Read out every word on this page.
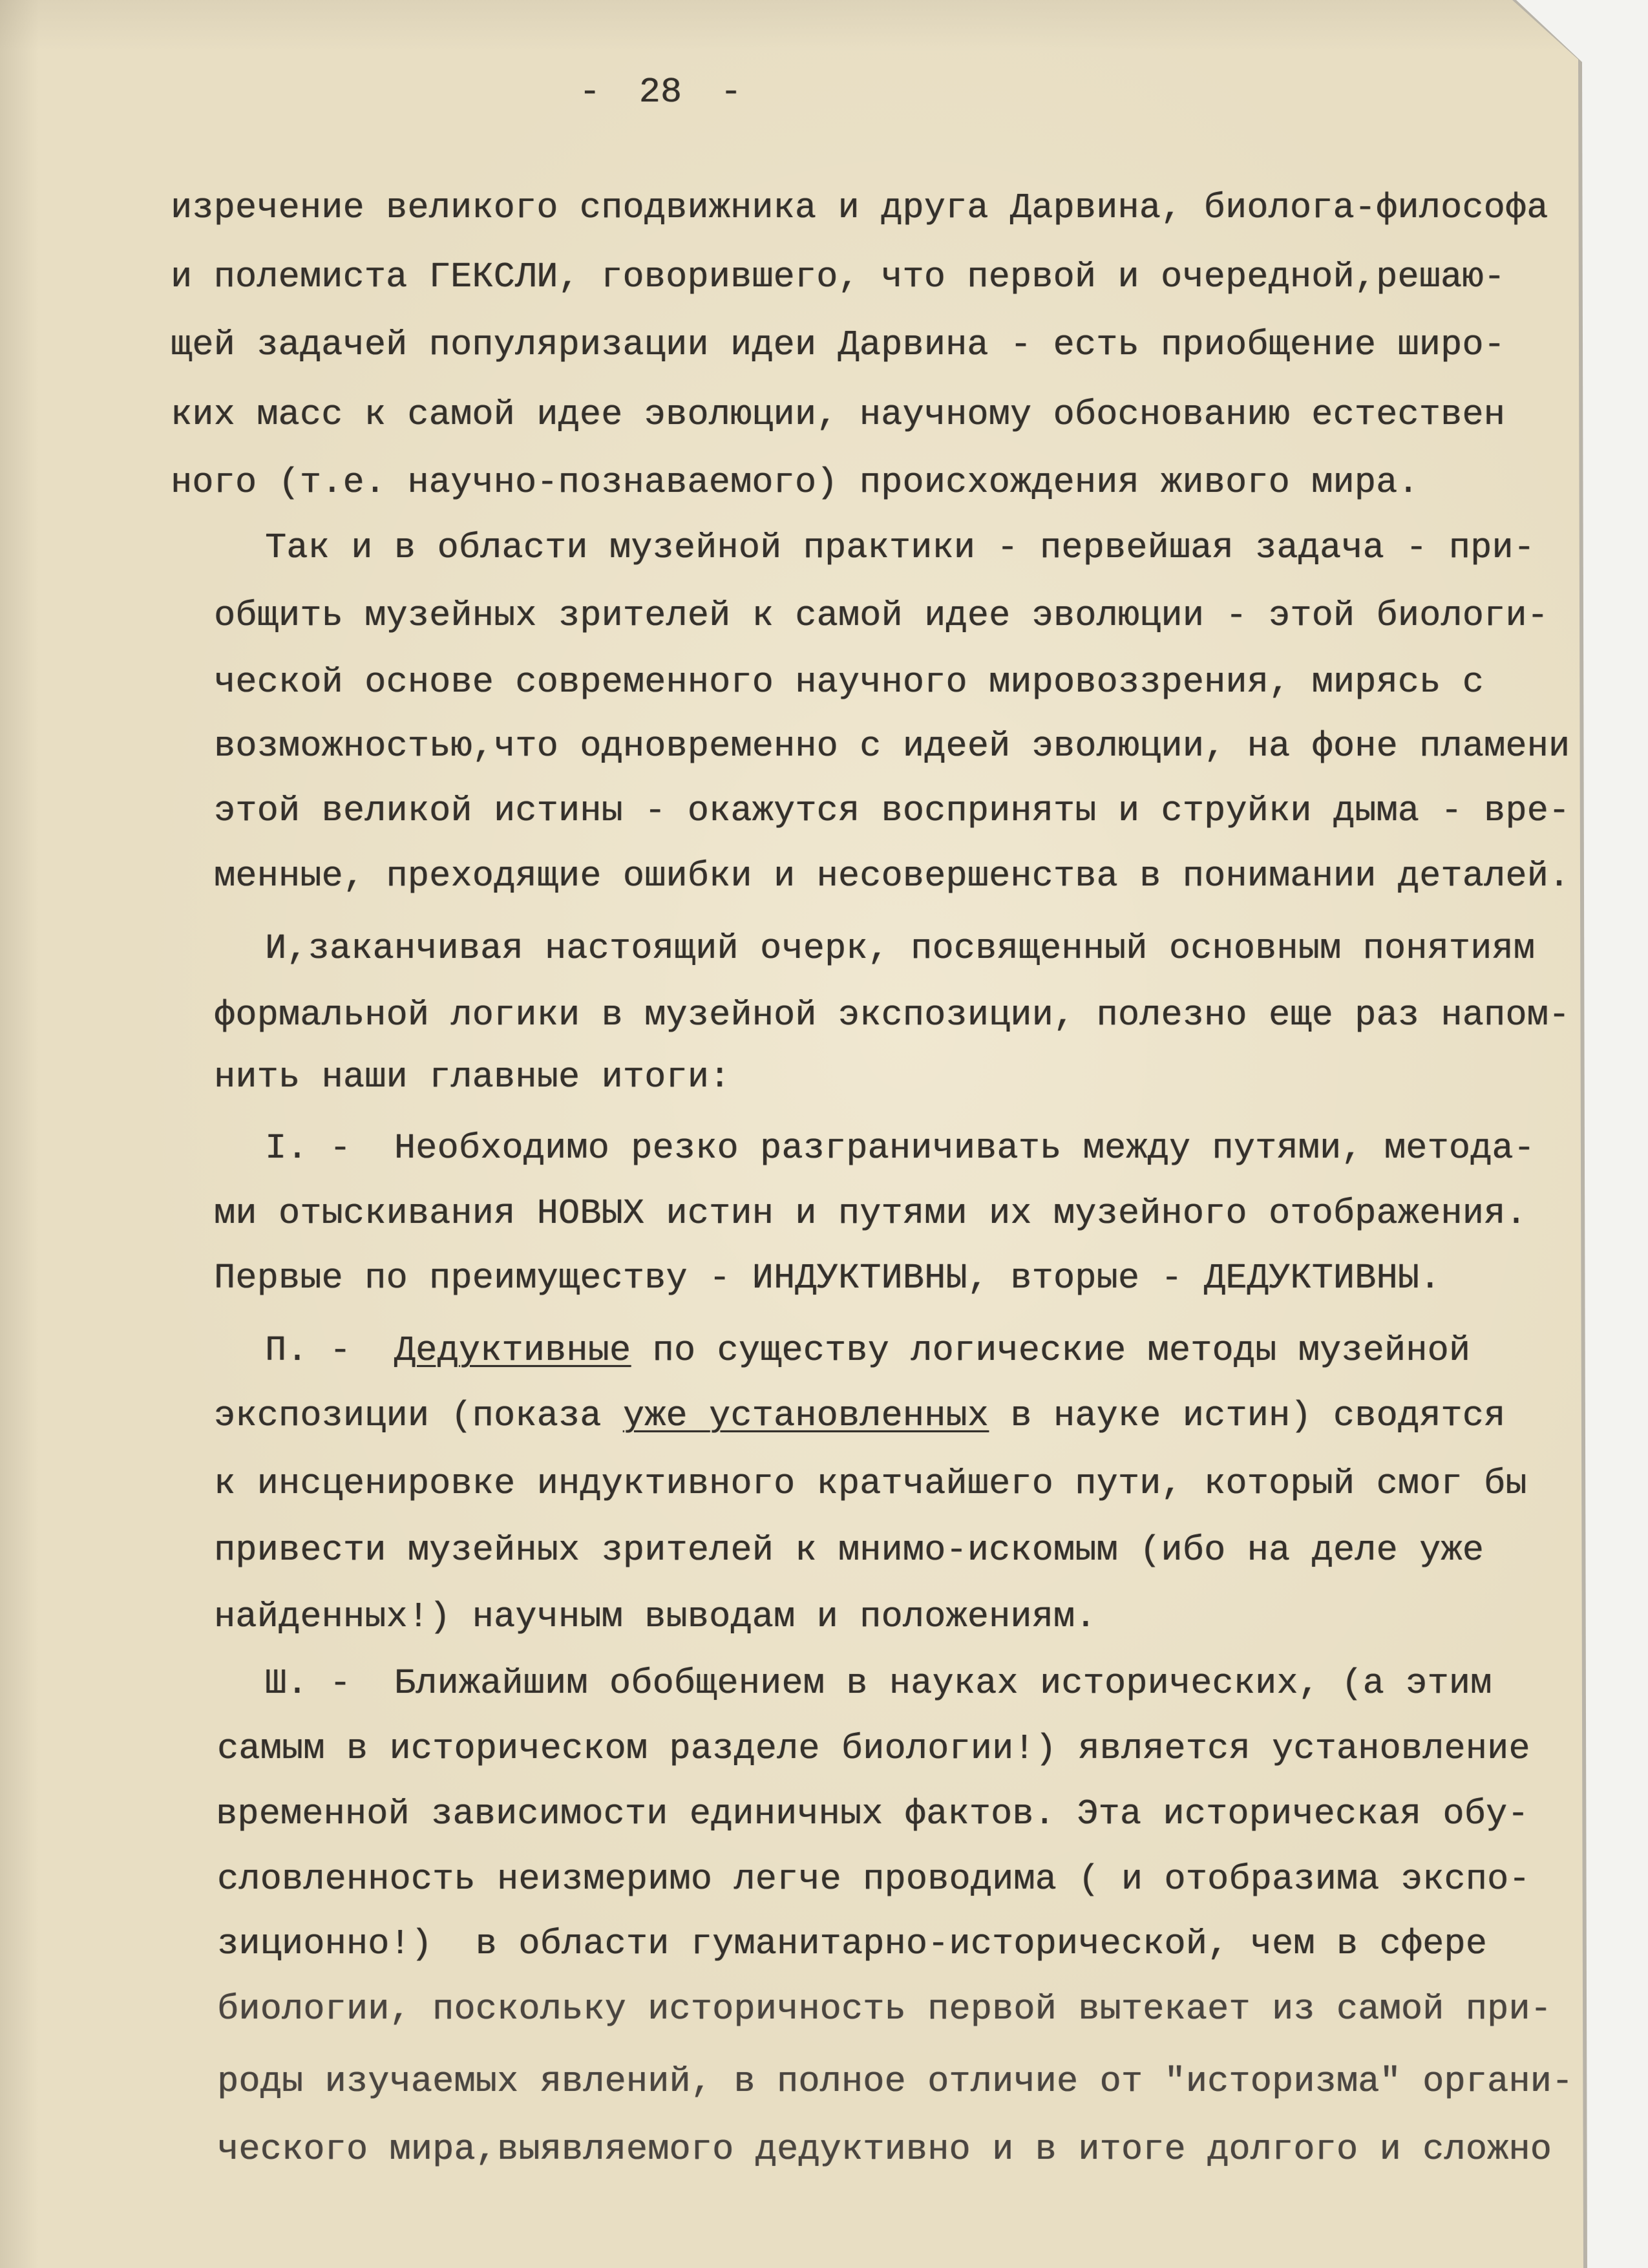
- 28 -
изречение великого сподвижника и друга Дарвина, биолога-философа
и полемиста ГЕКСЛИ, говорившего, что первой и очередной,решаю-
щей задачей популяризации идеи Дарвина - есть приобщение широ-
ких масс к самой идее эволюции, научному обоснованию естествен
ного (т.е. научно-познаваемого) происхождения живого мира.
Так и в области музейной практики - первейшая задача - при-
общить музейных зрителей к самой идее эволюции - этой биологи-
ческой основе современного научного мировоззрения, мирясь с
возможностью,что одновременно с идеей эволюции, на фоне пламени
этой великой истины - окажутся восприняты и струйки дыма - вре-
менные, преходящие ошибки и несовершенства в понимании деталей.
И,заканчивая настоящий очерк, посвященный основным понятиям
формальной логики в музейной экспозиции, полезно еще раз напом-
нить наши главные итоги:
I. -  Необходимо резко разграничивать между путями, метода-
ми отыскивания НОВЫХ истин и путями их музейного отображения.
Первые по преимуществу - ИНДУКТИВНЫ, вторые - ДЕДУКТИВНЫ.
П. - Дедуктивные по существу логические методы музейной
экспозиции (показа уже установленных в науке истин) сводятся
к инсценировке индуктивного кратчайшего пути, который смог бы
привести музейных зрителей к мнимо-искомым (ибо на деле уже
найденных!) научным выводам и положениям.
Ш. -  Ближайшим обобщением в науках исторических, (а этим
самым в историческом разделе биологии!) является установление
временной зависимости единичных фактов. Эта историческая обу-
словленность неизмеримо легче проводима ( и отобразима экспо-
зиционно!)  в области гуманитарно-исторической, чем в сфере
биологии, поскольку историчность первой вытекает из самой при-
роды изучаемых явлений, в полное отличие от "историзма" органи-
ческого мира,выявляемого дедуктивно и в итоге долгого и сложно
